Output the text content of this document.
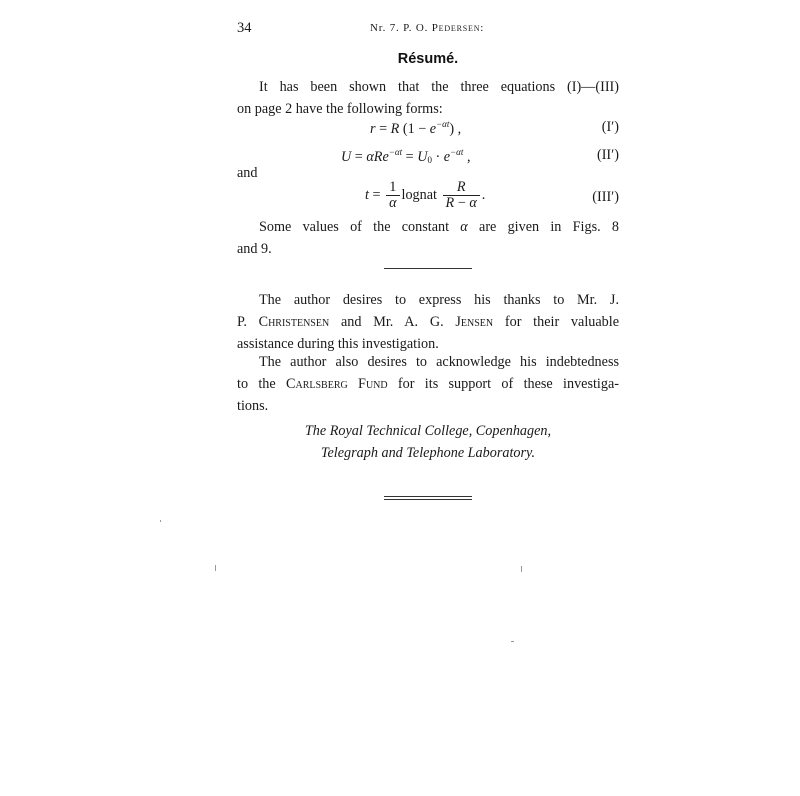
34	Nr. 7. P. O. Pedersen:
Résumé.

It has been shown that the three equations (I)—(III)
on page 2 have the following forms:

r = R $(1 - e^{-\alpha t})$ ,	(I′)
$U = \alpha Re^{-\alpha t} = U_0 \cdot e^{-\alpha t}$ ,	(II′)
and
$t = \frac{1}{\alpha}$ lognat $\frac{R}{R - \alpha}$ .	(III′)

Some values of the constant α are given in Figs. 8
and 9.

The author desires to express his thanks to Mr. J.
P. Christensen and Mr. A. G. Jensen for their valuable
assistance during this investigation.

The author also desires to acknowledge his indebtedness
to the Carlsberg Fund for its support of these investiga-
tions.

The Royal Technical College, Copenhagen,
Telegraph and Telephone Laboratory.
